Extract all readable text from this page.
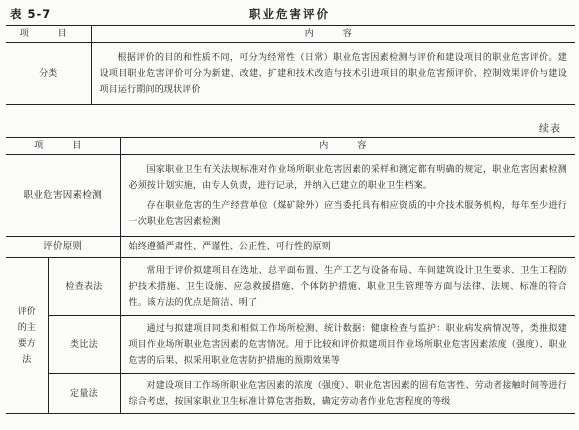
表 5-7	职业危害评价
项　目	内　容
分类	根据评价的目的和性质不同，可分为经常性（日常）职业危害因素检测与评价和建设项目的职业危害评价。建设项目职业危害评价可分为新建、改建、扩建和技术改造与技术引进项目的职业危害预评价、控制效果评价与建设项目运行期间的现状评价
续表
项　目		内　容
职业危害因素检测		国家职业卫生有关法规标准对作业场所职业危害因素的采样和测定都有明确的规定，职业危害因素检测必须按计划实施，由专人负责，进行记录，并纳入已建立的职业卫生档案。
存在职业危害的生产经营单位（煤矿除外）应当委托具有相应资质的中介技术服务机构，每年至少进行一次职业危害因素检测

评价原则		始终遵循严肃性、严谨性、公正性、可行性的原则

评价的主要方法	检查表法	常用于评价拟建项目在选址、总平面布置、生产工艺与设备布局、车间建筑设计卫生要求、卫生工程防护技术措施、卫生设施、应急救援措施、个体防护措施、职业卫生管理等方面与法律、法规、标准的符合性。该方法的优点是简洁、明了

	类比法	通过与拟建项目同类和相似工作场所检测、统计数据：健康检查与监护：职业病发病情况等，类推拟建项目作业场所职业危害因素的危害情况。用于比较和评价拟建项目作业场所职业危害因素浓度（强度）、职业危害的后果、拟采用职业危害防护措施的预期效果等

	定量法	对建设项目工作场所职业危害因素的浓度（强度）、职业危害因素的固有危害性、劳动者接触时间等进行综合考虑，按国家职业卫生标准计算危害指数，确定劳动者作业危害程度的等级
